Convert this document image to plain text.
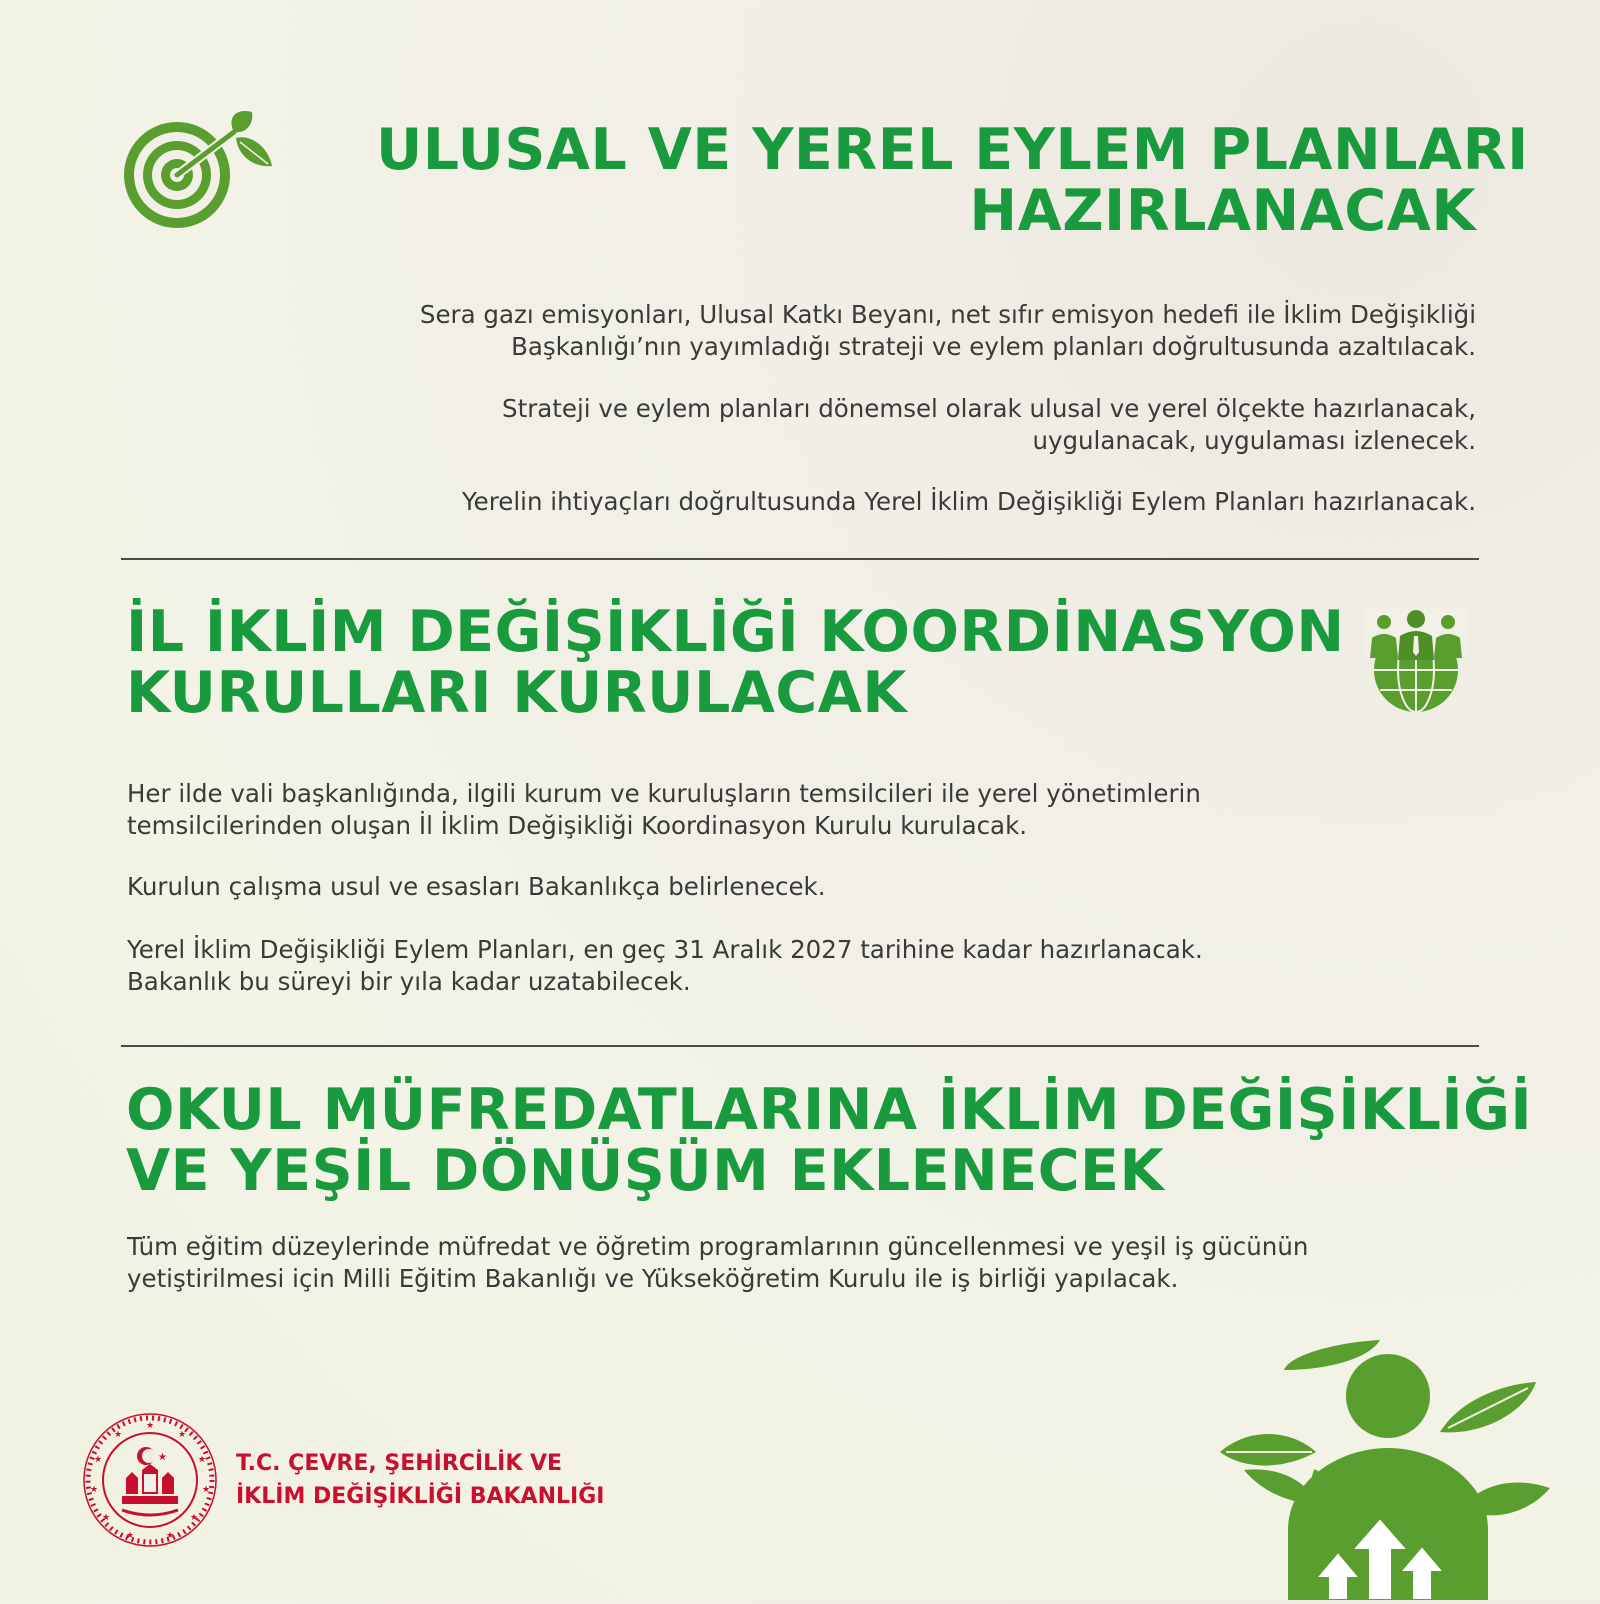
ULUSAL VE YEREL EYLEM PLANLARI
HAZIRLANACAK

Sera gazı emisyonları, Ulusal Katkı Beyanı, net sıfır emisyon hedefi ile İklim Değişikliği
Başkanlığı’nın yayımladığı strateji ve eylem planları doğrultusunda azaltılacak.

Strateji ve eylem planları dönemsel olarak ulusal ve yerel ölçekte hazırlanacak,
uygulanacak, uygulaması izlenecek.

Yerelin ihtiyaçları doğrultusunda Yerel İklim Değişikliği Eylem Planları hazırlanacak.

İL İKLİM DEĞİŞİKLİĞİ KOORDİNASYON
KURULLARI KURULACAK

Her ilde vali başkanlığında, ilgili kurum ve kuruluşların temsilcileri ile yerel yönetimlerin
temsilcilerinden oluşan İl İklim Değişikliği Koordinasyon Kurulu kurulacak.

Kurulun çalışma usul ve esasları Bakanlıkça belirlenecek.

Yerel İklim Değişikliği Eylem Planları, en geç 31 Aralık 2027 tarihine kadar hazırlanacak.
Bakanlık bu süreyi bir yıla kadar uzatabilecek.

OKUL MÜFREDATLARINA İKLİM DEĞİŞİKLİĞİ
VE YEŞİL DÖNÜŞÜM EKLENECEK

Tüm eğitim düzeylerinde müfredat ve öğretim programlarının güncellenmesi ve yeşil iş gücünün
yetiştirilmesi için Milli Eğitim Bakanlığı ve Yükseköğretim Kurulu ile iş birliği yapılacak.

★
★
★
★
★
★
★
★
★
★
★
★	T.C. ÇEVRE, ŞEHİRCİLİK VE
İKLİM DEĞİŞİKLİĞİ BAKANLIĞI
